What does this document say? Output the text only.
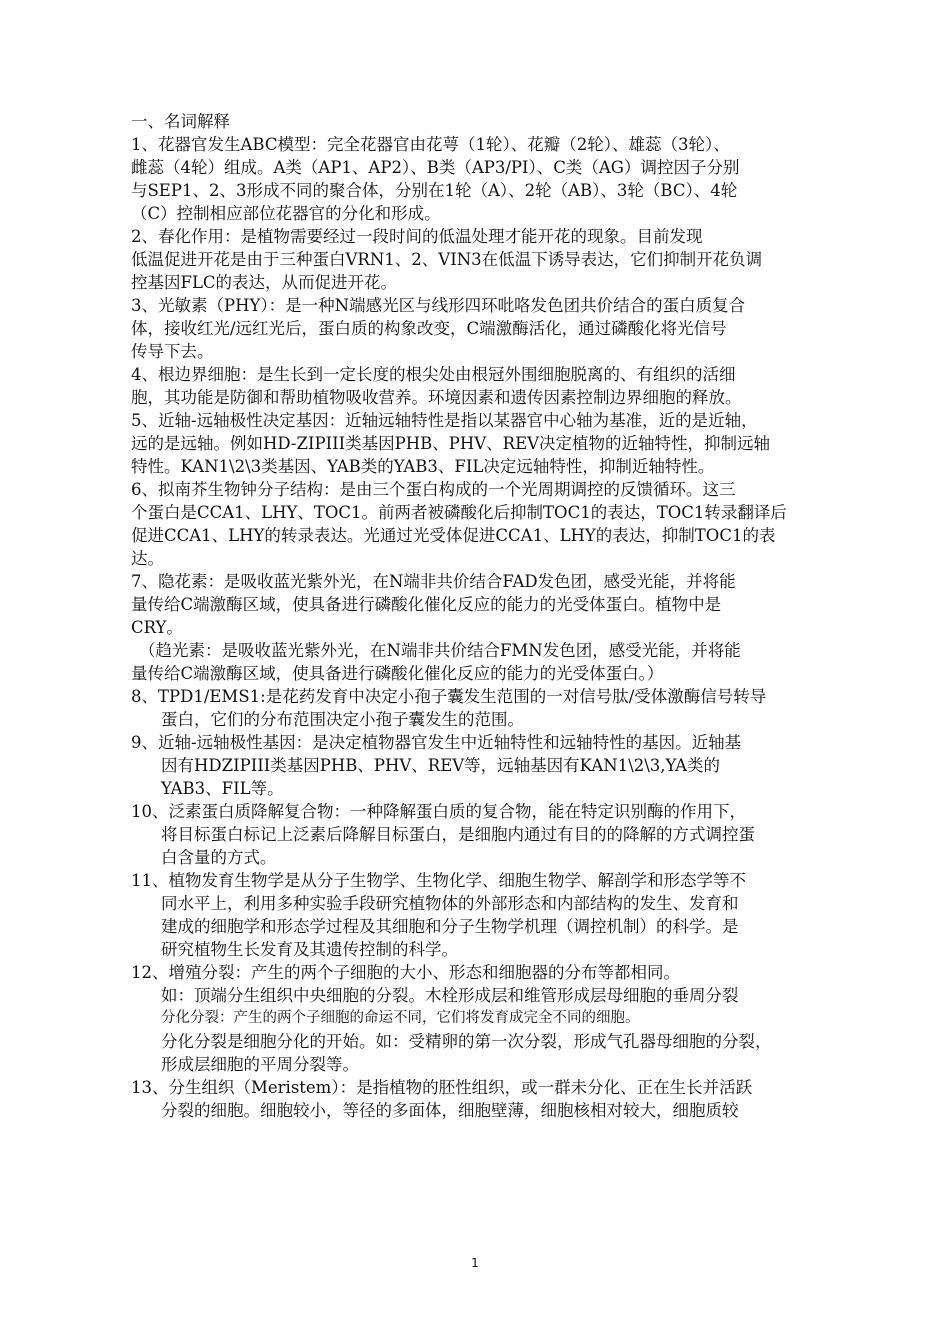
一、名词解释
1、花器官发生ABC模型：完全花器官由花萼（1轮）、花瓣（2轮）、雄蕊（3轮）、
雌蕊（4轮）组成。A类（AP1、AP2）、B类（AP3/PI）、C类（AG）调控因子分别
与SEP1、2、3形成不同的聚合体，分别在1轮（A）、2轮（AB）、3轮（BC）、4轮
（C）控制相应部位花器官的分化和形成。
2、春化作用：是植物需要经过一段时间的低温处理才能开花的现象。目前发现
低温促进开花是由于三种蛋白VRN1、2、VIN3在低温下诱导表达，它们抑制开花负调
控基因FLC的表达，从而促进开花。
3、光敏素（PHY）：是一种N端感光区与线形四环吡咯发色团共价结合的蛋白质复合
体，接收红光/远红光后，蛋白质的构象改变，C端激酶活化，通过磷酸化将光信号
传导下去。
4、根边界细胞：是生长到一定长度的根尖处由根冠外围细胞脱离的、有组织的活细
胞，其功能是防御和帮助植物吸收营养。环境因素和遗传因素控制边界细胞的释放。
5、近轴-远轴极性决定基因：近轴远轴特性是指以某器官中心轴为基准，近的是近轴，
远的是远轴。例如HD-ZIPIII类基因PHB、PHV、REV决定植物的近轴特性，抑制远轴
特性。KAN1\2\3类基因、YAB类的YAB3、FIL决定远轴特性，抑制近轴特性。
6、拟南芥生物钟分子结构：是由三个蛋白构成的一个光周期调控的反馈循环。这三
个蛋白是CCA1、LHY、TOC1。前两者被磷酸化后抑制TOC1的表达，TOC1转录翻译后
促进CCA1、LHY的转录表达。光通过光受体促进CCA1、LHY的表达，抑制TOC1的表
达。
7、隐花素：是吸收蓝光紫外光，在N端非共价结合FAD发色团，感受光能，并将能
量传给C端激酶区域，使具备进行磷酸化催化反应的能力的光受体蛋白。植物中是
CRY。
（趋光素：是吸收蓝光紫外光，在N端非共价结合FMN发色团，感受光能，并将能
量传给C端激酶区域，使具备进行磷酸化催化反应的能力的光受体蛋白。）
8、TPD1/EMS1:是花药发育中决定小孢子囊发生范围的一对信号肽/受体激酶信号转导
蛋白，它们的分布范围决定小孢子囊发生的范围。
9、近轴-远轴极性基因：是决定植物器官发生中近轴特性和远轴特性的基因。近轴基
因有HDZIPIII类基因PHB、PHV、REV等，远轴基因有KAN1\2\3,YA类的
YAB3、FIL等。
10、泛素蛋白质降解复合物：一种降解蛋白质的复合物，能在特定识别酶的作用下，
将目标蛋白标记上泛素后降解目标蛋白，是细胞内通过有目的的降解的方式调控蛋
白含量的方式。
11、植物发育生物学是从分子生物学、生物化学、细胞生物学、解剖学和形态学等不
同水平上，利用多种实验手段研究植物体的外部形态和内部结构的发生、发育和
建成的细胞学和形态学过程及其细胞和分子生物学机理（调控机制）的科学。是
研究植物生长发育及其遗传控制的科学。
12、增殖分裂：产生的两个子细胞的大小、形态和细胞器的分布等都相同。
如：顶端分生组织中央细胞的分裂。木栓形成层和维管形成层母细胞的垂周分裂
分化分裂：产生的两个子细胞的命运不同，它们将发育成完全不同的细胞。
分化分裂是细胞分化的开始。如：受精卵的第一次分裂，形成气孔器母细胞的分裂，
形成层细胞的平周分裂等。
13、分生组织（Meristem）：是指植物的胚性组织，或一群未分化、正在生长并活跃
分裂的细胞。细胞较小，等径的多面体，细胞壁薄，细胞核相对较大，细胞质较
1
